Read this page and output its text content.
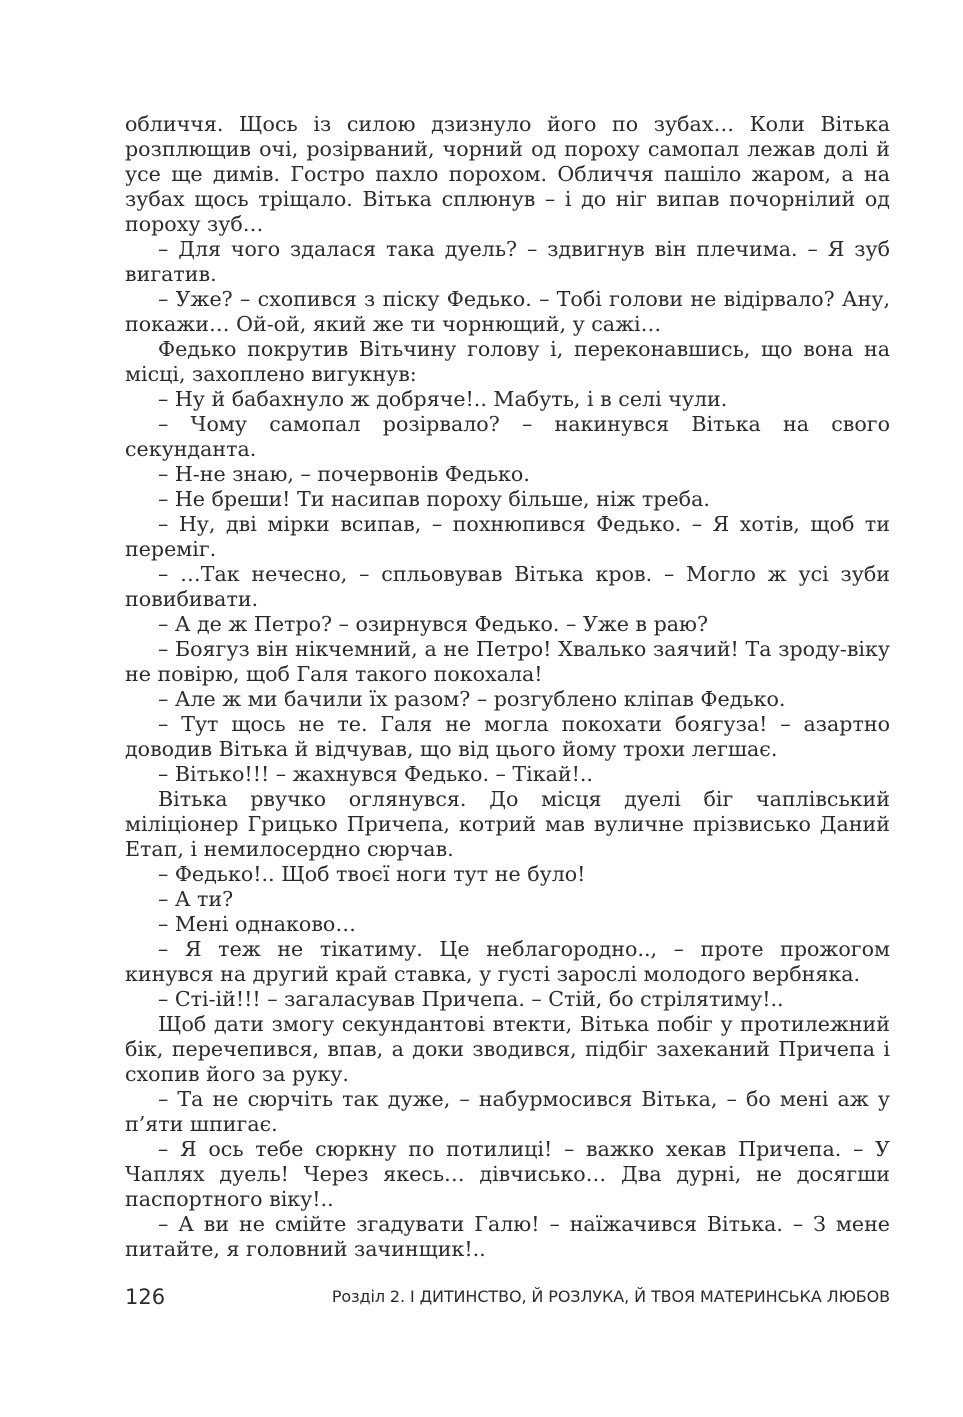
обличчя. Щось із силою дзизнуло його по зубах… Коли Вітька розплющив очі, розірваний, чорний од пороху самопал лежав долі й усе ще димів. Гостро пахло порохом. Обличчя пашіло жаром, а на зубах щось тріщало. Вітька сплюнув – і до ніг випав почорнілий од пороху зуб…

– Для чого здалася така дуель? – здвигнув він плечима. – Я зуб вигатив.

– Уже? – схопився з піску Федько. – Тобі голови не відірвало? Ану, покажи… Ой-ой, який же ти чорнющий, у сажі…

Федько покрутив Вітьчину голову і, переконавшись, що вона на місці, захоплено вигукнув:

– Ну й бабахнуло ж добряче!.. Мабуть, і в селі чули.

– Чому самопал розірвало? – накинувся Вітька на свого секунданта.

– Н-не знаю, – почервонів Федько.

– Не бреши! Ти насипав пороху більше, ніж треба.

– Ну, дві мірки всипав, – похнюпився Федько. – Я хотів, щоб ти переміг.

– …Так нечесно, – спльовував Вітька кров. – Могло ж усі зуби повибивати.

– А де ж Петро? – озирнувся Федько. – Уже в раю?

– Боягуз він нікчемний, а не Петро! Хвалько заячий! Та зроду-віку не повірю, щоб Галя такого покохала!

– Але ж ми бачили їх разом? – розгублено кліпав Федько.

– Тут щось не те. Галя не могла покохати боягуза! – азартно доводив Вітька й відчував, що від цього йому трохи легшає.

– Вітько!!! – жахнувся Федько. – Тікай!..

Вітька рвучко оглянувся. До місця дуелі біг чаплівський міліціонер Грицько Причепа, котрий мав вуличне прізвисько Даний Етап, і немилосердно сюрчав.

– Федько!.. Щоб твоєї ноги тут не було!

– А ти?

– Мені однаково…

– Я теж не тікатиму. Це неблагородно.., – проте прожогом кинувся на другий край ставка, у густі зарослі молодого вербняка.

– Сті-ій!!! – загаласував Причепа. – Стій, бо стрілятиму!..

Щоб дати змогу секундантові втекти, Вітька побіг у протилежний бік, перечепився, впав, а доки зводився, підбіг захеканий Причепа і схопив його за руку.

– Та не сюрчіть так дуже, – набурмосився Вітька, – бо мені аж у п’яти шпигає.

– Я ось тебе сюркну по потилиці! – важко хекав Причепа. – У Чаплях дуель! Через якесь… дівчисько… Два дурні, не досягши паспортного віку!..

– А ви не смійте згадувати Галю! – наїжачився Вітька. – З мене питайте, я головний зачинщик!..

126	Розділ 2. І ДИТИНСТВО, Й РОЗЛУКА, Й ТВОЯ МАТЕРИНСЬКА ЛЮБОВ
